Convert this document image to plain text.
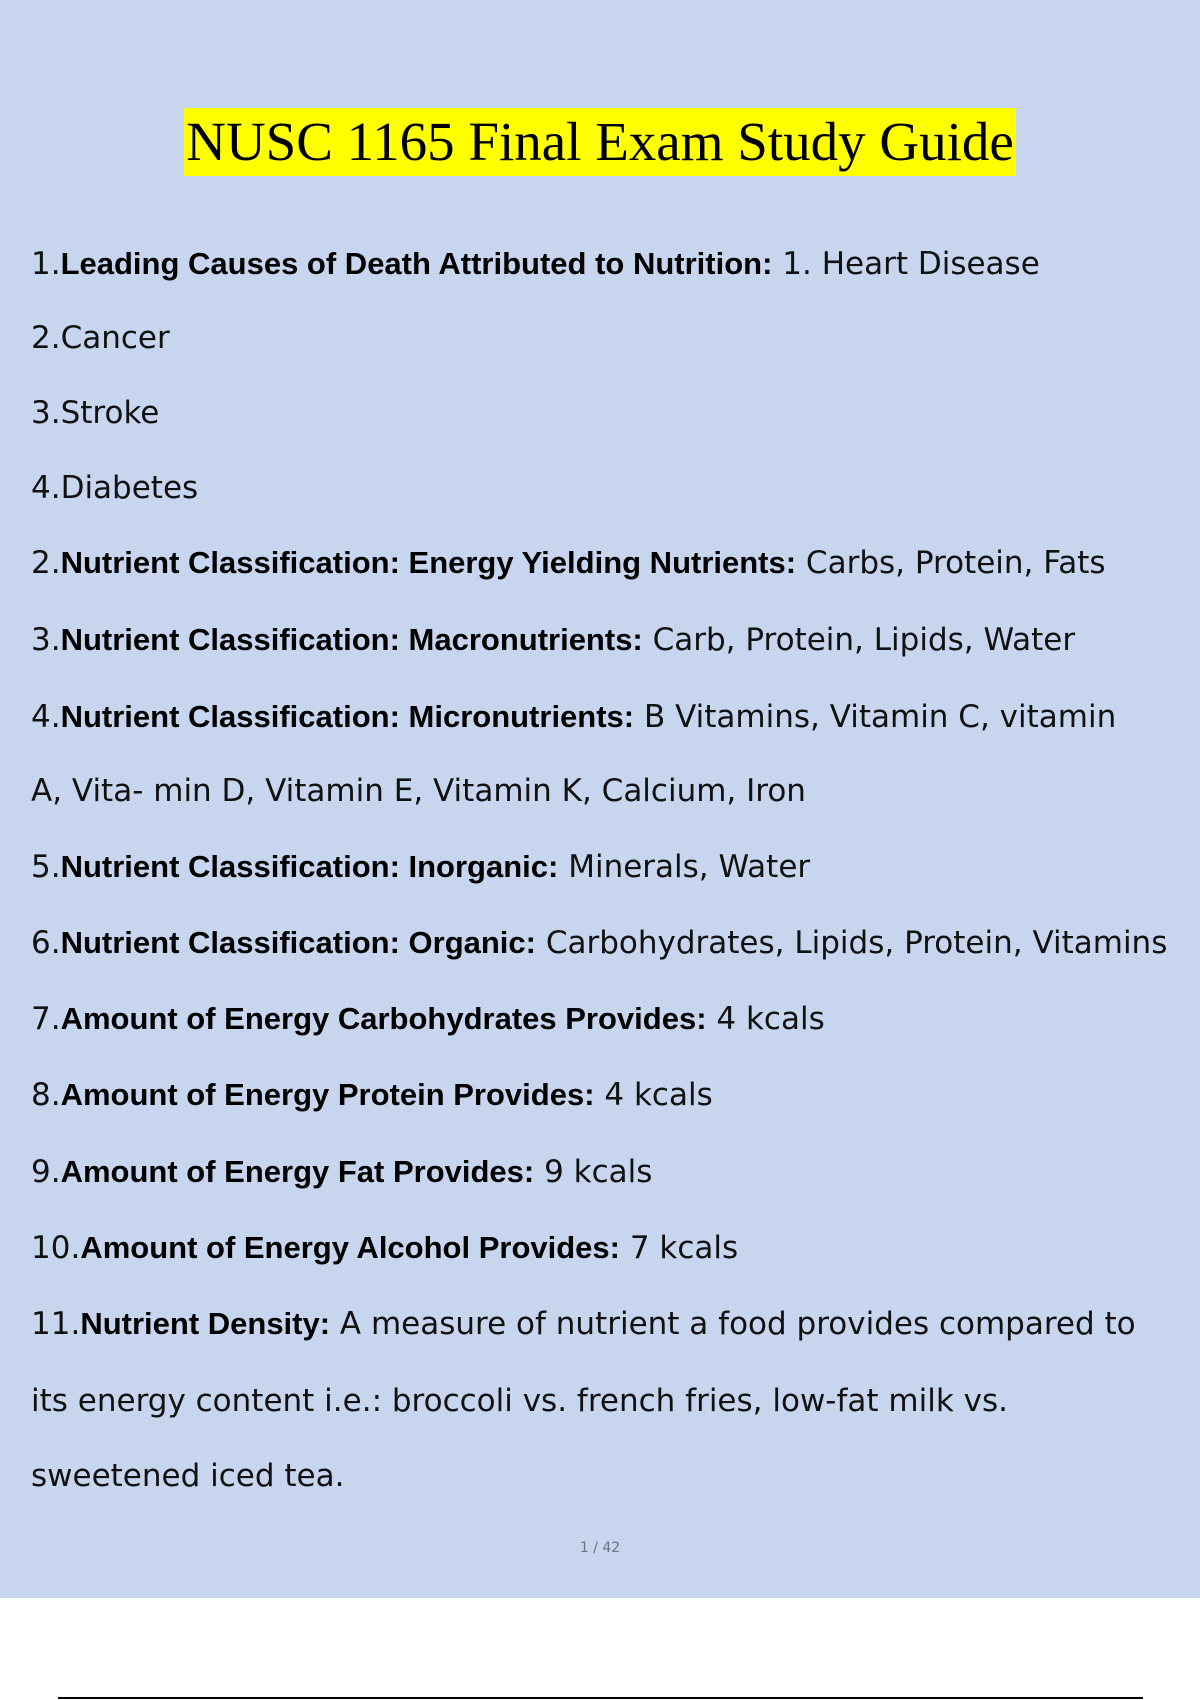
NUSC 1165 Final Exam Study Guide
1.Leading Causes of Death Attributed to Nutrition: 1. Heart Disease
2.Cancer
3.Stroke
4.Diabetes
2.Nutrient Classification: Energy Yielding Nutrients: Carbs, Protein, Fats
3.Nutrient Classification: Macronutrients: Carb, Protein, Lipids, Water
4.Nutrient Classification: Micronutrients: B Vitamins, Vitamin C, vitamin
A, Vita- min D, Vitamin E, Vitamin K, Calcium, Iron
5.Nutrient Classification: Inorganic: Minerals, Water
6.Nutrient Classification: Organic: Carbohydrates, Lipids, Protein, Vitamins
7.Amount of Energy Carbohydrates Provides: 4 kcals
8.Amount of Energy Protein Provides: 4 kcals
9.Amount of Energy Fat Provides: 9 kcals
10.Amount of Energy Alcohol Provides: 7 kcals
11.Nutrient Density: A measure of nutrient a food provides compared to
its energy content i.e.: broccoli vs. french fries, low-fat milk vs.
sweetened iced tea.
1 / 42
